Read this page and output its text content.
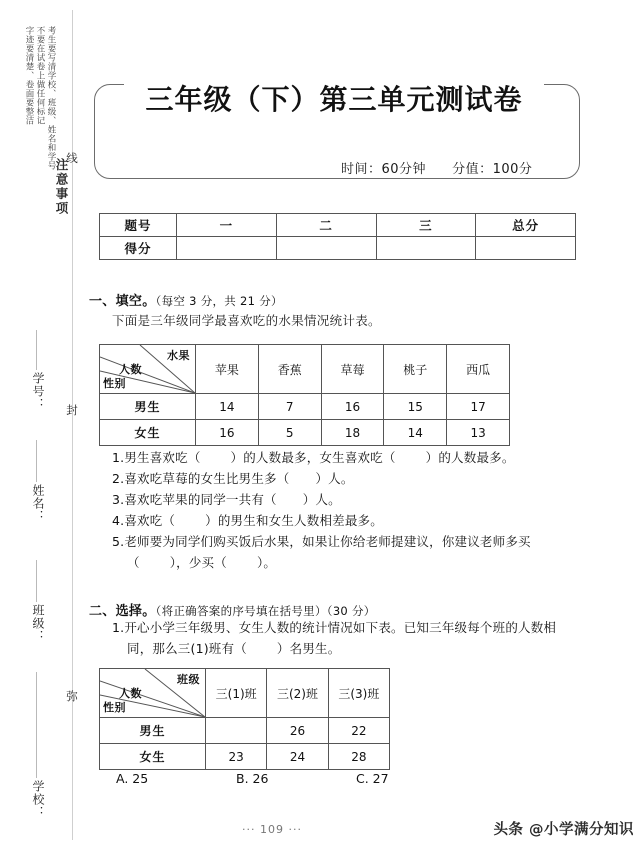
考生要写清学校、班级、姓名和学号
不要在试卷上做任何标记
字迹要清楚、卷面要整洁
注意事项
学号：
姓名：
班级：
学校：
线
封
弥
三年级（下）第三单元测试卷
时间：60分钟 分值：100分
题号	一	二	三	总分
得分				
一、填空。（每空 3 分，共 21 分）
下面是三年级同学最喜欢吃的水果情况统计表。
水果
人数
性别	苹果	香蕉	草莓	桃子	西瓜
男生	14	7	16	15	17
女生	16	5	18	14	13
1.男生喜欢吃（ ）的人数最多，女生喜欢吃（ ）的人数最多。
2.喜欢吃草莓的女生比男生多（ ）人。
3.喜欢吃苹果的同学一共有（ ）人。
4.喜欢吃（ ）的男生和女生人数相差最多。
5.老师要为同学们购买饭后水果，如果让你给老师提建议，你建议老师多买
（ ），少买（ ）。
二、选择。（将正确答案的序号填在括号里）（30 分）
1.开心小学三年级男、女生人数的统计情况如下表。已知三年级每个班的人数相
同，那么三(1)班有（ ）名男生。
班级
人数
性别	三(1)班	三(2)班	三(3)班
男生		26	22
女生	23	24	28
A. 25	B. 26	C. 27
··· 109 ···	头条 @小学满分知识
